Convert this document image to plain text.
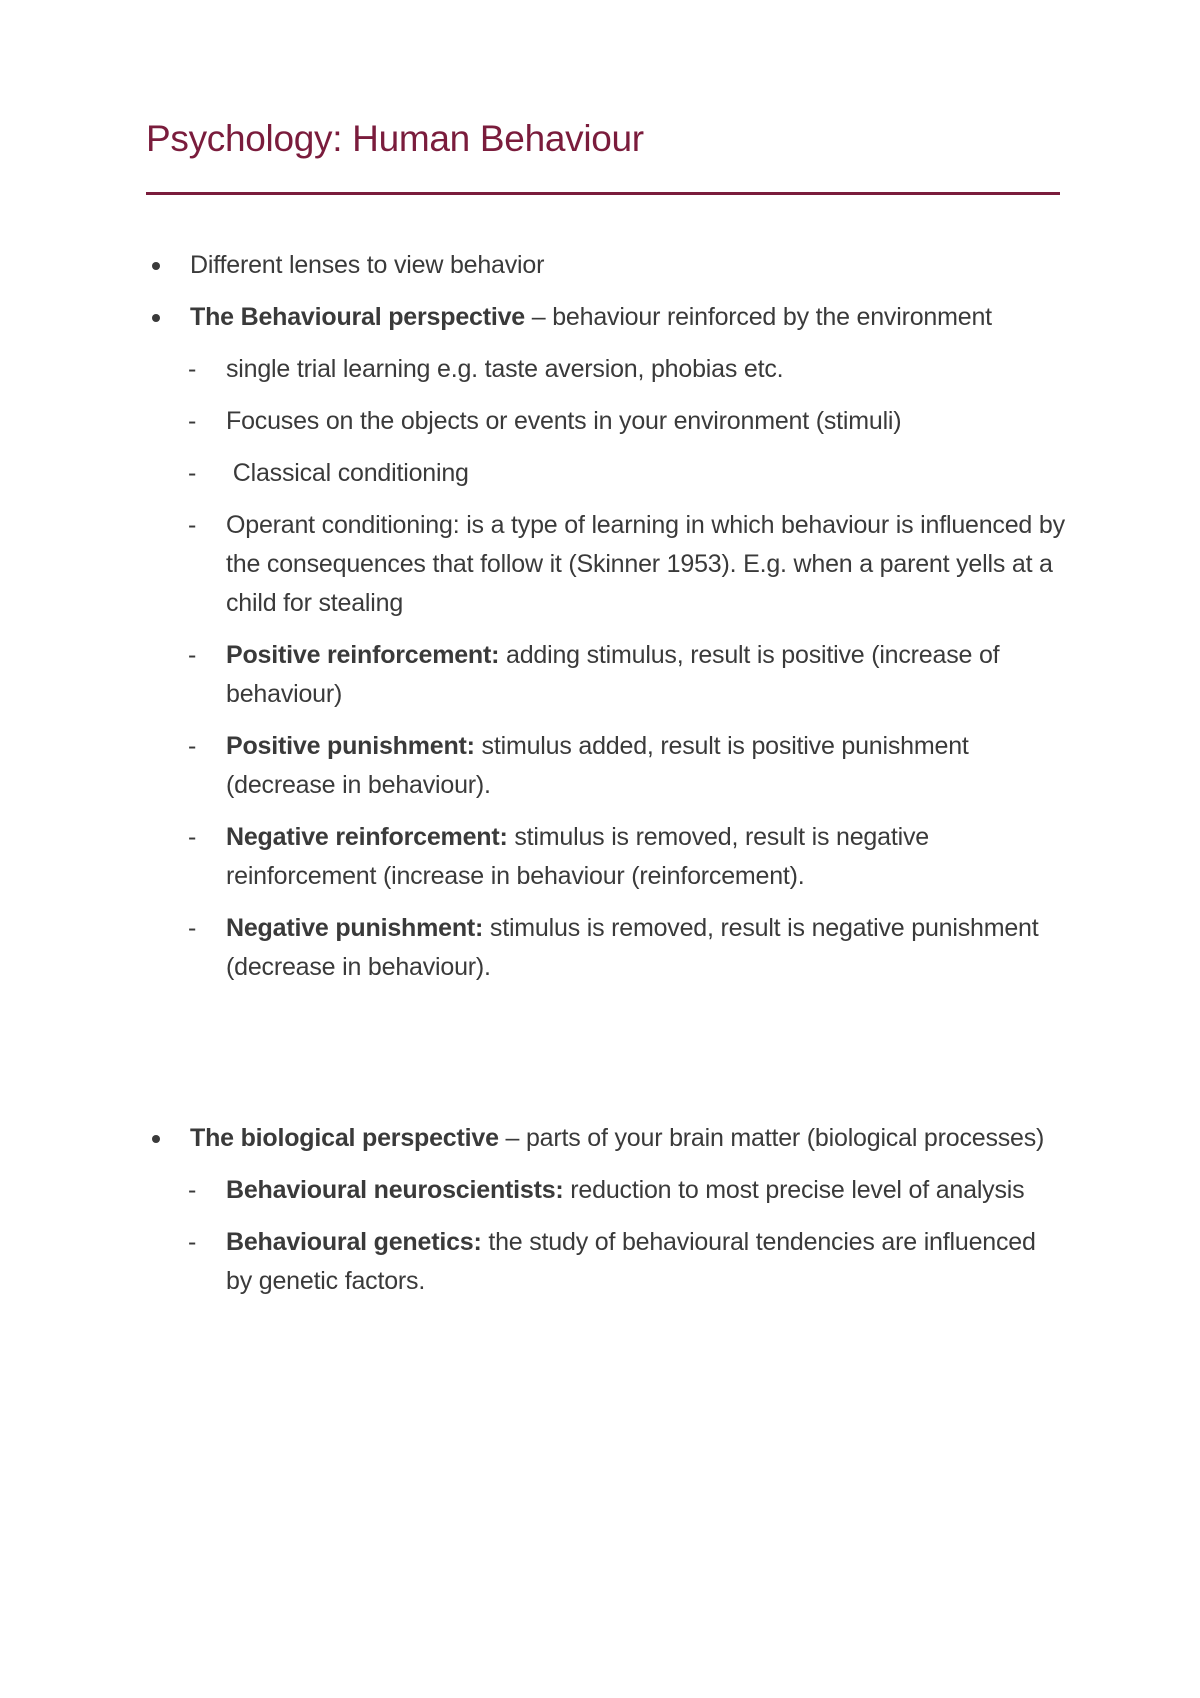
Psychology: Human Behaviour
Different lenses to view behavior
The Behavioural perspective – behaviour reinforced by the environment
- single trial learning e.g. taste aversion, phobias etc.
- Focuses on the objects or events in your environment (stimuli)
- Classical conditioning
- Operant conditioning: is a type of learning in which behaviour is influenced by the consequences that follow it (Skinner 1953). E.g. when a parent yells at a child for stealing
- Positive reinforcement: adding stimulus, result is positive (increase of behaviour)
- Positive punishment: stimulus added, result is positive punishment (decrease in behaviour).
- Negative reinforcement: stimulus is removed, result is negative reinforcement (increase in behaviour (reinforcement).
- Negative punishment: stimulus is removed, result is negative punishment (decrease in behaviour).
The biological perspective – parts of your brain matter (biological processes)
- Behavioural neuroscientists: reduction to most precise level of analysis
- Behavioural genetics: the study of behavioural tendencies are influenced by genetic factors.
